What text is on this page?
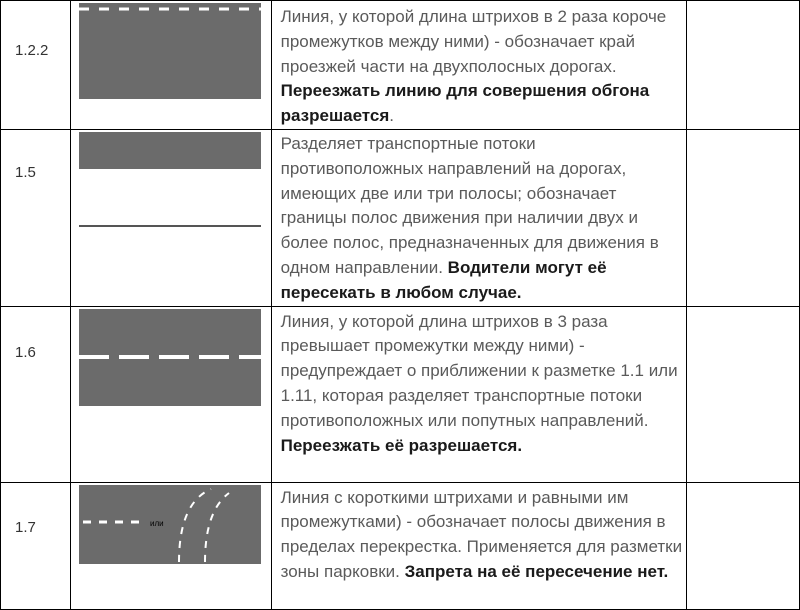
1.2.2		Линия, у которой длина штрихов в 2 раза короче промежутков между ними) - обозначает край проезжей части на двухполосных дорогах. Переезжать линию для совершения обгона разрешается.	

1.5		Разделяет транспортные потоки противоположных направлений на дорогах, имеющих две или три полосы; обозначает границы полос движения при наличии двух и более полос, предназначенных для движения в одном направлении. Водители могут её пересекать в любом случае.	

1.6		Линия, у которой длина штрихов в 3 раза превышает промежутки между ними) - предупреждает о приближении к разметке 1.1 или 1.11, которая разделяет транспортные потоки противоположных или попутных направлений. Переезжать её разрешается.	

1.7	или	Линия с короткими штрихами и равными им промежутками) - обозначает полосы движения в пределах перекрестка. Применяется для разметки зоны парковки. Запрета на её пересечение нет.	
